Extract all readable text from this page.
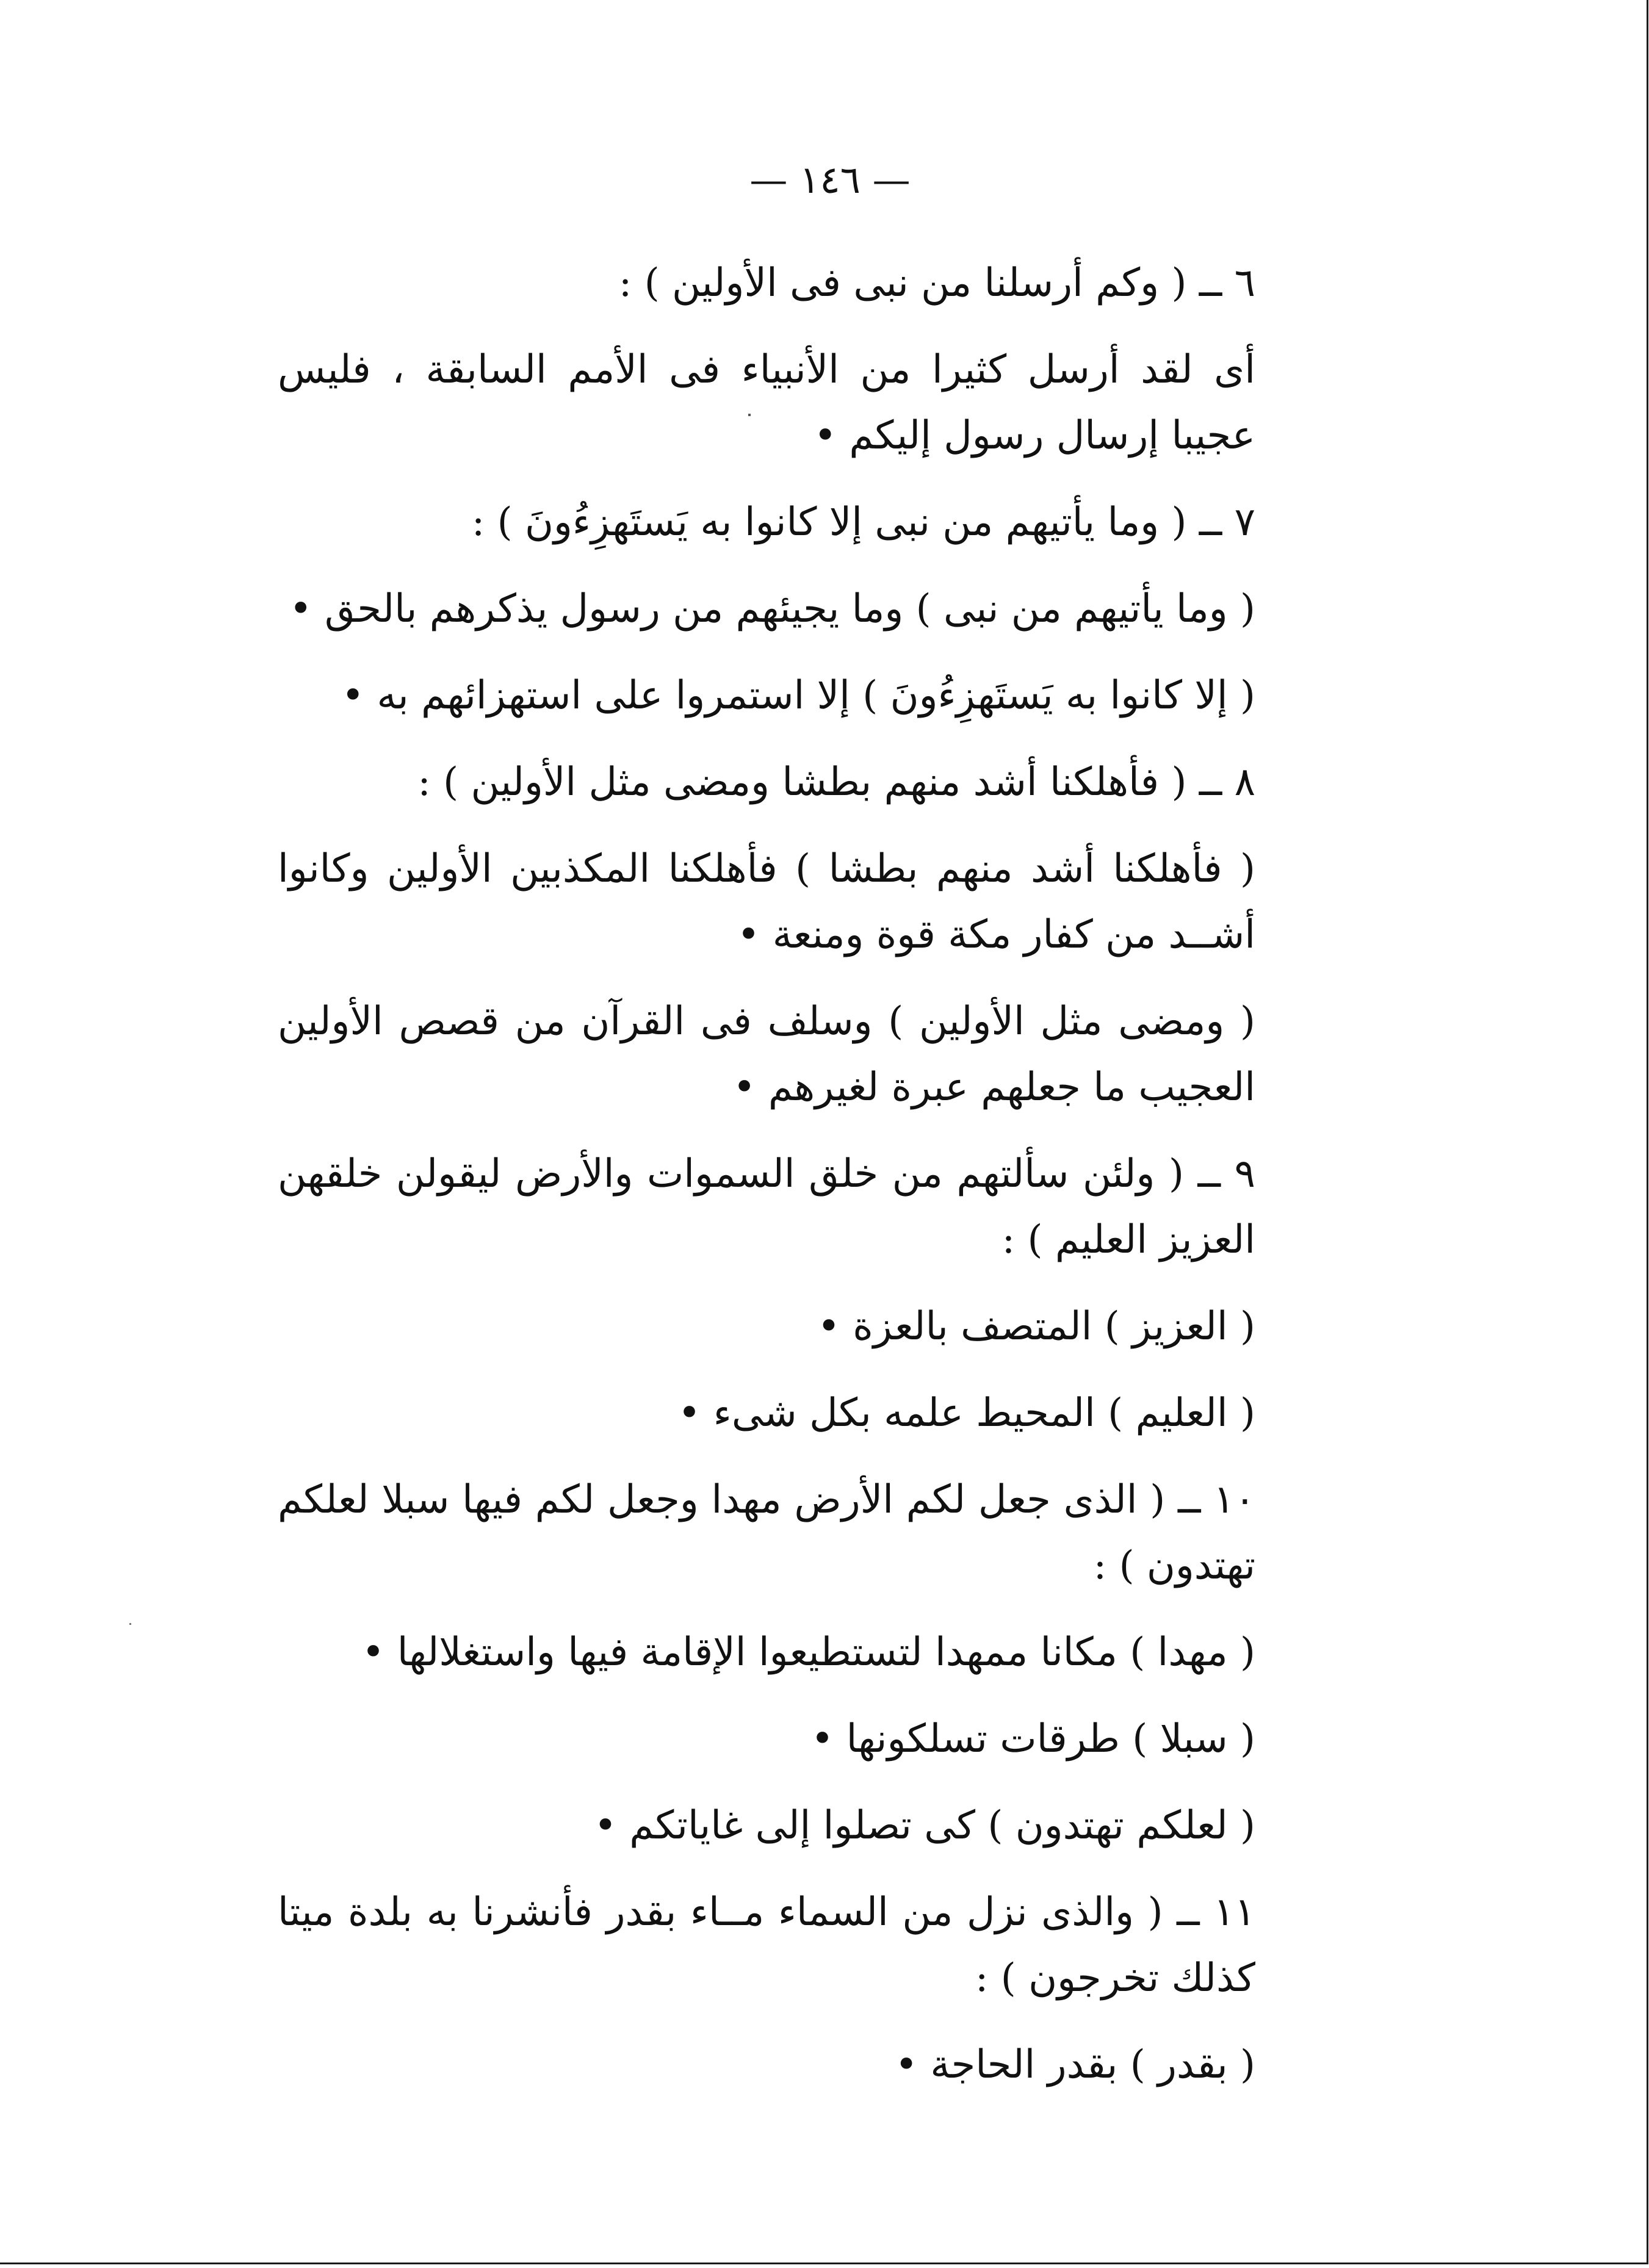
— ١٤٦ —

٦ ــ ( وكم أرسلنا من نبى فى الأولين ) :

أى لقد أرسل كثيرا من الأنبياء فى الأمم السابقة ، فليس عجيبا إرسال رسول إليكم •

٧ ــ ( وما يأتيهم من نبى إلا كانوا به يَستَهزِءُونَ ) :

( وما يأتيهم من نبى ) وما يجيئهم من رسول يذكرهم بالحق •

( إلا كانوا به يَستَهزِءُونَ ) إلا استمروا على استهزائهم به •

٨ ــ ( فأهلكنا أشد منهم بطشا ومضى مثل الأولين ) :

( فأهلكنا أشد منهم بطشا ) فأهلكنا المكذبين الأولين وكانوا أشــد من كفار مكة قوة ومنعة •

( ومضى مثل الأولين ) وسلف فى القرآن من قصص الأولين العجيب ما جعلهم عبرة لغيرهم •

٩ ــ ( ولئن سألتهم من خلق السموات والأرض ليقولن خلقهن العزيز العليم ) :

( العزيز ) المتصف بالعزة •

( العليم ) المحيط علمه بكل شىء •

١٠ ــ ( الذى جعل لكم الأرض مهدا وجعل لكم فيها سبلا لعلكم تهتدون ) :

( مهدا ) مكانا ممهدا لتستطيعوا الإقامة فيها واستغلالها •

( سبلا ) طرقات تسلكونها •

( لعلكم تهتدون ) كى تصلوا إلى غاياتكم •

١١ ــ ( والذى نزل من السماء مــاء بقدر فأنشرنا به بلدة ميتا كذلك تخرجون ) :

( بقدر ) بقدر الحاجة •
